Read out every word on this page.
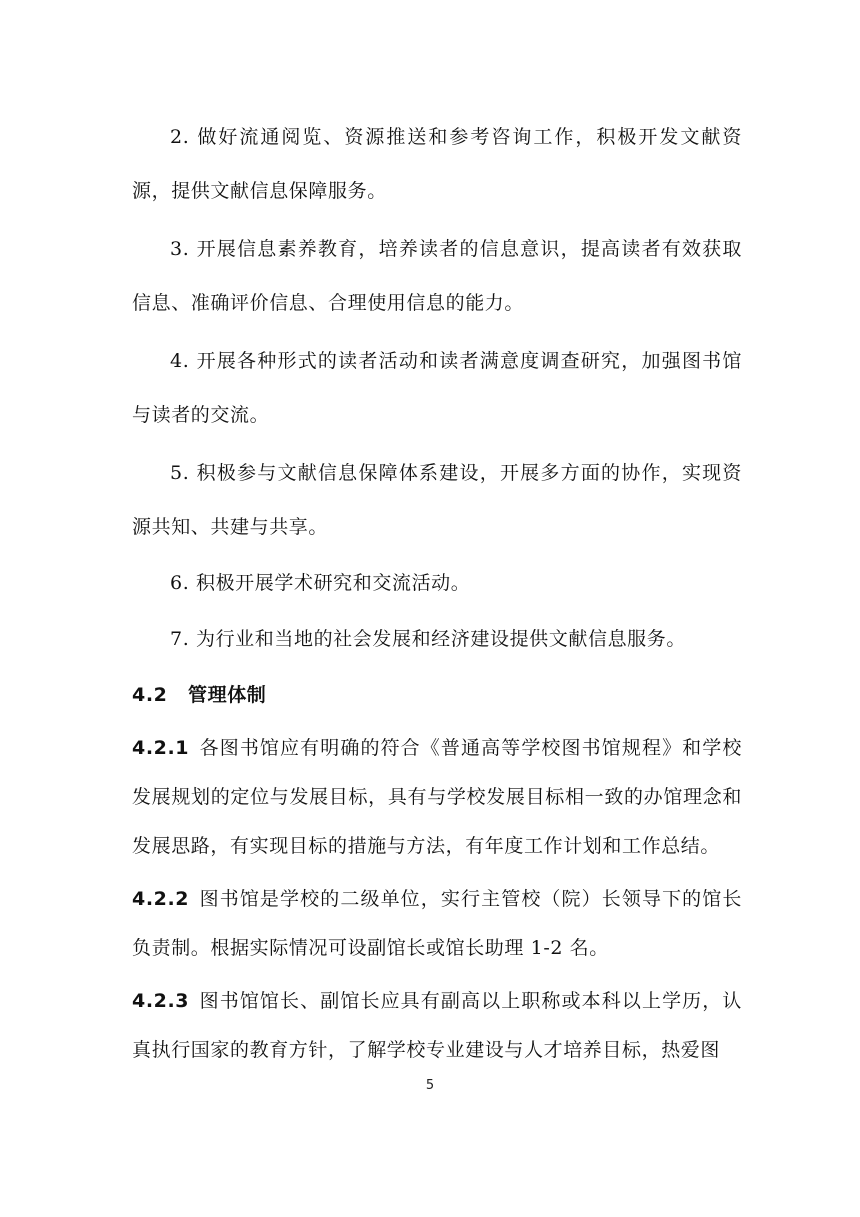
2. 做好流通阅览、资源推送和参考咨询工作，积极开发文献资源，提供文献信息保障服务。

3. 开展信息素养教育，培养读者的信息意识，提高读者有效获取信息、准确评价信息、合理使用信息的能力。

4. 开展各种形式的读者活动和读者满意度调查研究，加强图书馆与读者的交流。

5. 积极参与文献信息保障体系建设，开展多方面的协作，实现资源共知、共建与共享。

6. 积极开展学术研究和交流活动。

7. 为行业和当地的社会发展和经济建设提供文献信息服务。

4.2 管理体制

4.2.1 各图书馆应有明确的符合《普通高等学校图书馆规程》和学校发展规划的定位与发展目标，具有与学校发展目标相一致的办馆理念和发展思路，有实现目标的措施与方法，有年度工作计划和工作总结。

4.2.2 图书馆是学校的二级单位，实行主管校（院）长领导下的馆长负责制。根据实际情况可设副馆长或馆长助理 1-2 名。

4.2.3 图书馆馆长、副馆长应具有副高以上职称或本科以上学历，认真执行国家的教育方针，了解学校专业建设与人才培养目标，热爱图

5
